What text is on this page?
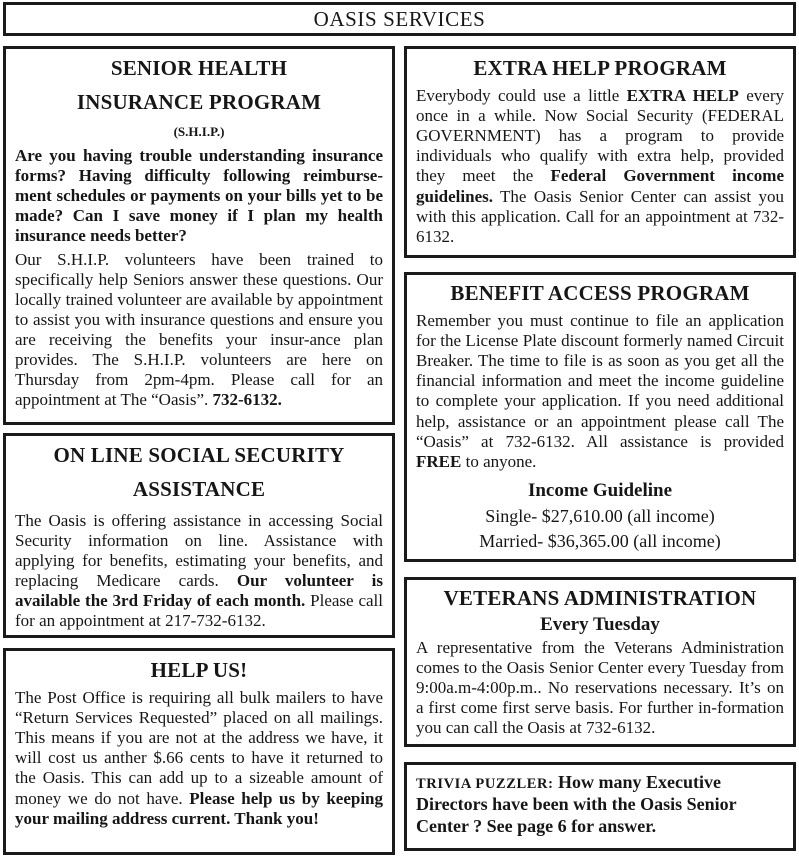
OASIS SERVICES
SENIOR HEALTH
INSURANCE PROGRAM
(S.H.I.P.)

Are you having trouble understanding insurance forms? Having difficulty following reimburse-ment schedules or payments on your bills yet to be made? Can I save money if I plan my health insurance needs better?

Our S.H.I.P. volunteers have been trained to specifically help Seniors answer these questions. Our locally trained volunteer are available by appointment to assist you with insurance questions and ensure you are receiving the benefits your insur-ance plan provides. The S.H.I.P. volunteers are here on Thursday from 2pm-4pm. Please call for an appointment at The “Oasis”. 732-6132.

ON LINE SOCIAL SECURITY
ASSISTANCE

The Oasis is offering assistance in accessing Social Security information on line. Assistance with applying for benefits, estimating your benefits, and replacing Medicare cards. Our volunteer is available the 3rd Friday of each month. Please call for an appointment at 217-732-6132.

HELP US!

The Post Office is requiring all bulk mailers to have “Return Services Requested” placed on all mailings. This means if you are not at the address we have, it will cost us anther $.66 cents to have it returned to the Oasis. This can add up to a sizeable amount of money we do not have. Please help us by keeping your mailing address current. Thank you!

EXTRA HELP PROGRAM

Everybody could use a little EXTRA HELP every once in a while. Now Social Security (FEDERAL GOVERNMENT) has a program to provide individuals who qualify with extra help, provided they meet the Federal Government income guidelines. The Oasis Senior Center can assist you with this application. Call for an appointment at 732-6132.

BENEFIT ACCESS PROGRAM

Remember you must continue to file an application for the License Plate discount formerly named Circuit Breaker. The time to file is as soon as you get all the financial information and meet the income guideline to complete your application. If you need additional help, assistance or an appointment please call The “Oasis” at 732-6132. All assistance is provided FREE to anyone.

Income Guideline
Single- $27,610.00 (all income)
Married- $36,365.00 (all income)
VETERANS ADMINISTRATION
Every Tuesday

A representative from the Veterans Administration comes to the Oasis Senior Center every Tuesday from 9:00a.m-4:00p.m.. No reservations necessary. It’s on a first come first serve basis. For further in-formation you can call the Oasis at 732-6132.

TRIVIA PUZZLER: How many Executive Directors have been with the Oasis Senior Center ? See page 6 for answer.
